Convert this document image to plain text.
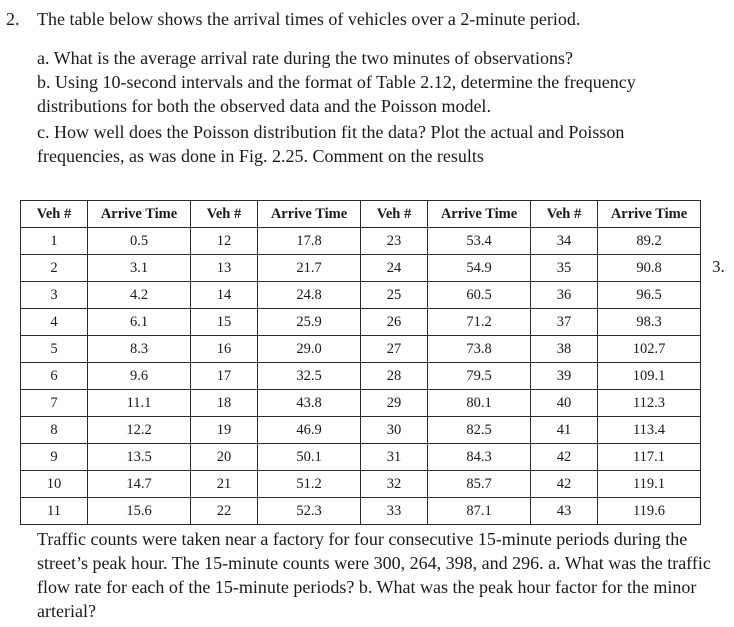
2. The table below shows the arrival times of vehicles over a 2-minute period.
a. What is the average arrival rate during the two minutes of observations?
b. Using 10-second intervals and the format of Table 2.12, determine the frequency
distributions for both the observed data and the Poisson model.
c. How well does the Poisson distribution fit the data? Plot the actual and Poisson
frequencies, as was done in Fig. 2.25. Comment on the results
Veh #	Arrive Time	Veh #	Arrive Time	Veh #	Arrive Time	Veh #	Arrive Time
1	0.5	12	17.8	23	53.4	34	89.2
2	3.1	13	21.7	24	54.9	35	90.8
3	4.2	14	24.8	25	60.5	36	96.5
4	6.1	15	25.9	26	71.2	37	98.3
5	8.3	16	29.0	27	73.8	38	102.7
6	9.6	17	32.5	28	79.5	39	109.1
7	11.1	18	43.8	29	80.1	40	112.3
8	12.2	19	46.9	30	82.5	41	113.4
9	13.5	20	50.1	31	84.3	42	117.1
10	14.7	21	51.2	32	85.7	42	119.1
11	15.6	22	52.3	33	87.1	43	119.6
3.
Traffic counts were taken near a factory for four consecutive 15-minute periods during the street’s peak hour. The 15-minute counts were 300, 264, 398, and 296. a. What was the traffic flow rate for each of the 15-minute periods? b. What was the peak hour factor for the minor arterial?
